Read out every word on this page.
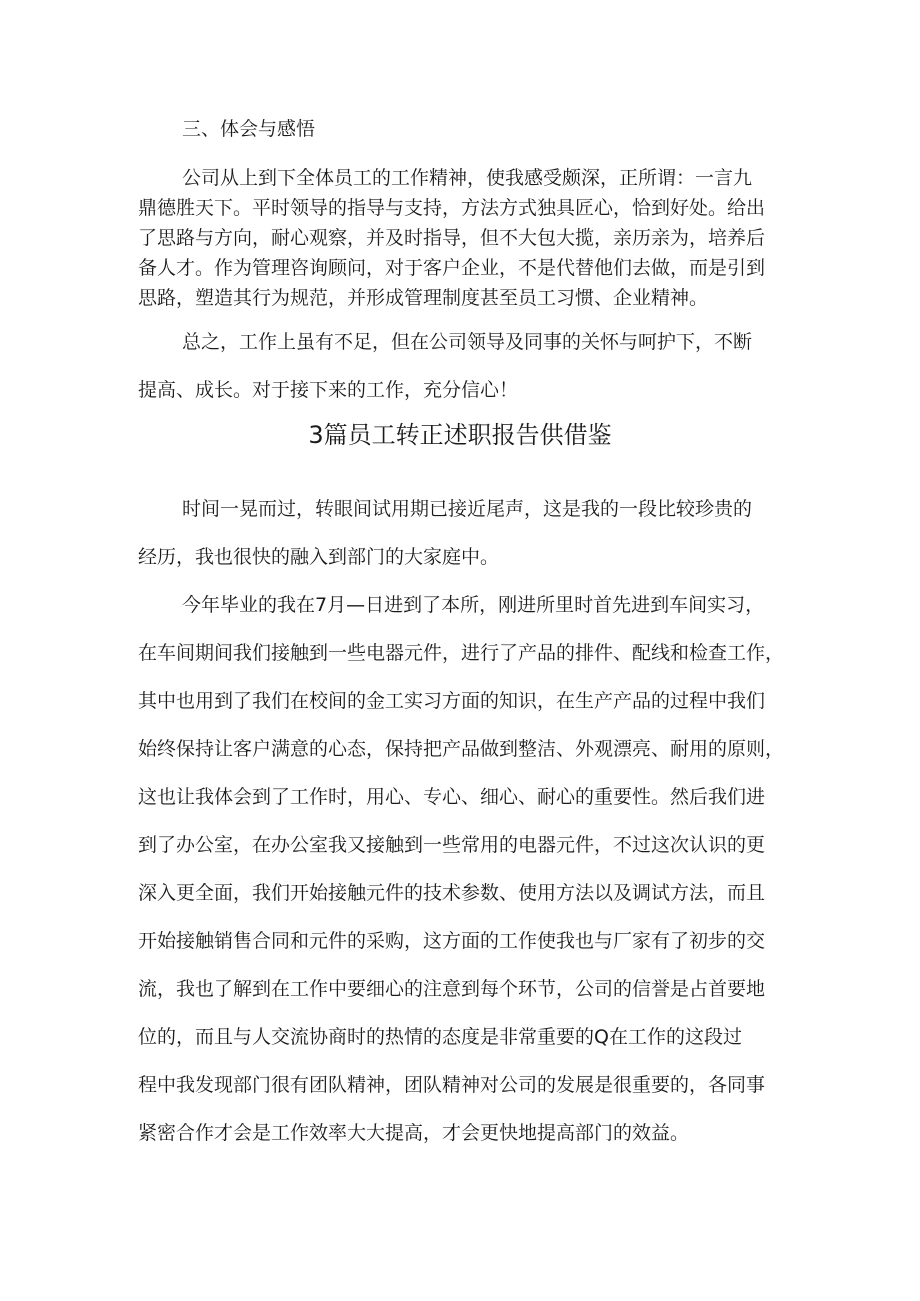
三、体会与感悟
公司从上到下全体员工的工作精神，使我感受颇深，正所谓：一言九
鼎德胜天下。平时领导的指导与支持，方法方式独具匠心，恰到好处。给出
了思路与方向，耐心观察，并及时指导，但不大包大揽，亲历亲为，培养后
备人才。作为管理咨询顾问，对于客户企业，不是代替他们去做，而是引到
思路，塑造其行为规范，并形成管理制度甚至员工习惯、企业精神。
总之，工作上虽有不足，但在公司领导及同事的关怀与呵护下，不断
提高、成长。对于接下来的工作，充分信心！
3篇员工转正述职报告供借鉴
时间一晃而过，转眼间试用期已接近尾声，这是我的一段比较珍贵的
经历，我也很快的融入到部门的大家庭中。
今年毕业的我在7月—日进到了本所，刚进所里时首先进到车间实习，
在车间期间我们接触到一些电器元件，进行了产品的排件、配线和检查工作，
其中也用到了我们在校间的金工实习方面的知识，在生产产品的过程中我们
始终保持让客户满意的心态，保持把产品做到整洁、外观漂亮、耐用的原则，
这也让我体会到了工作时，用心、专心、细心、耐心的重要性。然后我们进
到了办公室，在办公室我又接触到一些常用的电器元件，不过这次认识的更
深入更全面，我们开始接触元件的技术参数、使用方法以及调试方法，而且
开始接触销售合同和元件的采购，这方面的工作使我也与厂家有了初步的交
流，我也了解到在工作中要细心的注意到每个环节，公司的信誉是占首要地
位的，而且与人交流协商时的热情的态度是非常重要的Q在工作的这段过
程中我发现部门很有团队精神，团队精神对公司的发展是很重要的，各同事
紧密合作才会是工作效率大大提高，才会更快地提高部门的效益。
